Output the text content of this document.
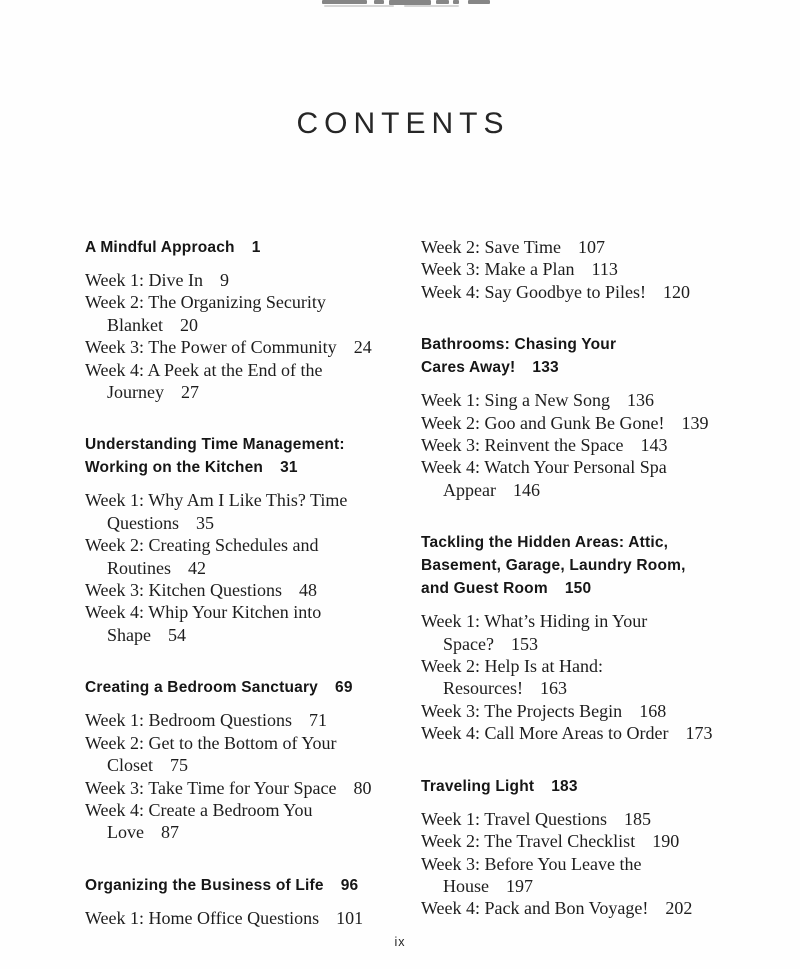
CONTENTS
A Mindful Approach 1
Week 1: Dive In 9
Week 2: The Organizing Security
Blanket 20
Week 3: The Power of Community 24
Week 4: A Peek at the End of the
Journey 27
Understanding Time Management:
Working on the Kitchen 31
Week 1: Why Am I Like This? Time
Questions 35
Week 2: Creating Schedules and
Routines 42
Week 3: Kitchen Questions 48
Week 4: Whip Your Kitchen into
Shape 54
Creating a Bedroom Sanctuary 69
Week 1: Bedroom Questions 71
Week 2: Get to the Bottom of Your
Closet 75
Week 3: Take Time for Your Space 80
Week 4: Create a Bedroom You
Love 87
Organizing the Business of Life 96
Week 1: Home Office Questions 101
Week 2: Save Time 107
Week 3: Make a Plan 113
Week 4: Say Goodbye to Piles! 120
Bathrooms: Chasing Your
Cares Away! 133
Week 1: Sing a New Song 136
Week 2: Goo and Gunk Be Gone! 139
Week 3: Reinvent the Space 143
Week 4: Watch Your Personal Spa
Appear 146
Tackling the Hidden Areas: Attic,
Basement, Garage, Laundry Room,
and Guest Room 150
Week 1: What’s Hiding in Your
Space? 153
Week 2: Help Is at Hand:
Resources! 163
Week 3: The Projects Begin 168
Week 4: Call More Areas to Order 173
Traveling Light 183
Week 1: Travel Questions 185
Week 2: The Travel Checklist 190
Week 3: Before You Leave the
House 197
Week 4: Pack and Bon Voyage! 202
ix
